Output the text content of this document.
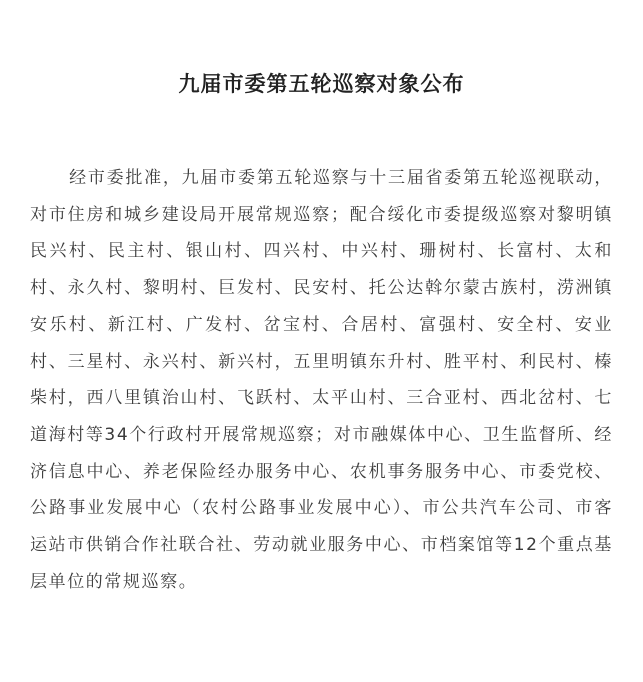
九届市委第五轮巡察对象公布

经市委批准，九届市委第五轮巡察与十三届省委第五轮巡视联动，对市住房和城乡建设局开展常规巡察；配合绥化市委提级巡察对黎明镇民兴村、民主村、银山村、四兴村、中兴村、珊树村、长富村、太和村、永久村、黎明村、巨发村、民安村、托公达斡尔蒙古族村，涝洲镇安乐村、新江村、广发村、岔宝村、合居村、富强村、安全村、安业村、三星村、永兴村、新兴村，五里明镇东升村、胜平村、利民村、榛柴村，西八里镇治山村、飞跃村、太平山村、三合亚村、西北岔村、七道海村等34个行政村开展常规巡察；对市融媒体中心、卫生监督所、经济信息中心、养老保险经办服务中心、农机事务服务中心、市委党校、公路事业发展中心（农村公路事业发展中心）、市公共汽车公司、市客运站市供销合作社联合社、劳动就业服务中心、市档案馆等12个重点基层单位的常规巡察。
